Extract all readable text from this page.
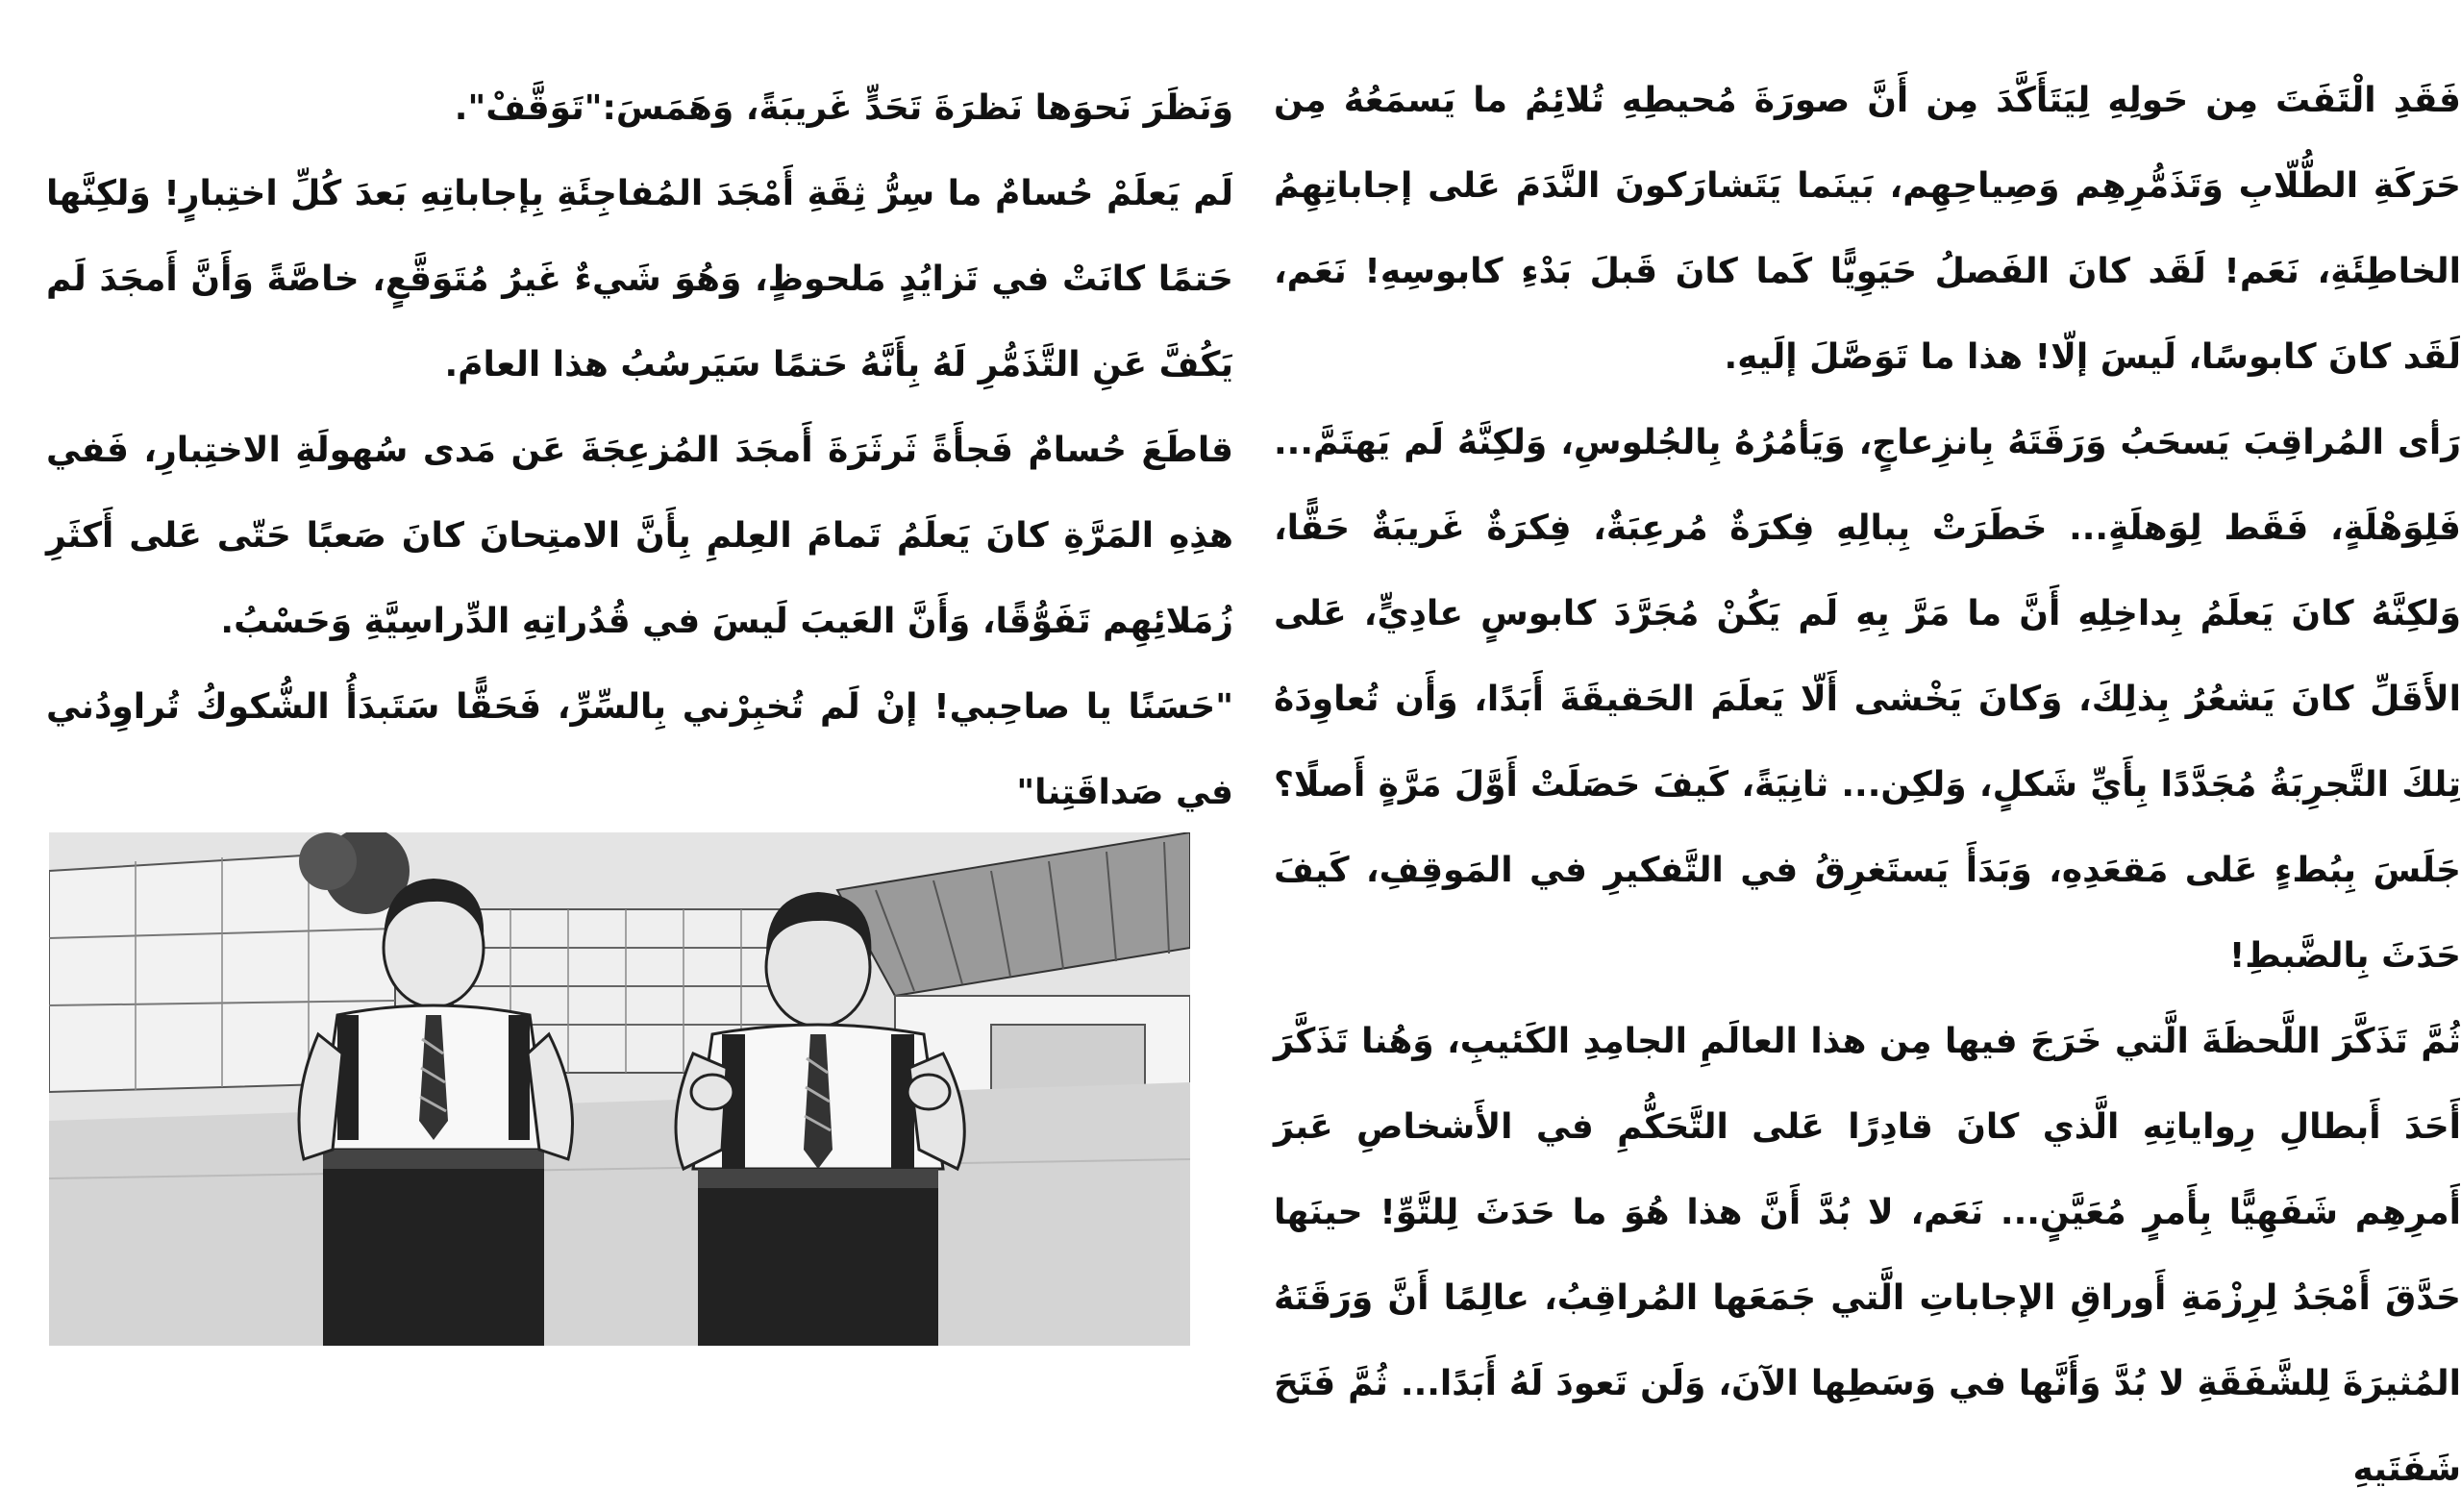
فَقَدِ الْتَفَتَ مِن حَولِهِ لِيَتَأَكَّدَ مِن أَنَّ صورَةَ مُحيطِهِ تُلائِمُ ما يَسمَعُهُ مِن حَرَكَةِ الطُّلّابِ وَتَذَمُّرِهِم وَصِياحِهِم، بَينَما يَتَشارَكونَ النَّدَمَ عَلى إجاباتِهِمُ الخاطِئَةِ، نَعَم! لَقَد كانَ الفَصلُ حَيَوِيًّا كَما كانَ قَبلَ بَدْءِ كابوسِهِ! نَعَم، لَقَد كانَ كابوسًا، لَيسَ إلّا! هذا ما تَوَصَّلَ إلَيهِ.

رَأى المُراقِبَ يَسحَبُ وَرَقَتَهُ بِانزِعاجٍ، وَيَأمُرُهُ بِالجُلوسِ، وَلكِنَّهُ لَم يَهتَمَّ... فَلِوَهْلَةٍ، فَقَط لِوَهلَةٍ... خَطَرَتْ بِبالِهِ فِكرَةٌ مُرعِبَةٌ، فِكرَةٌ غَريبَةٌ حَقًّا، وَلكِنَّهُ كانَ يَعلَمُ بِداخِلِهِ أَنَّ ما مَرَّ بِهِ لَم يَكُنْ مُجَرَّدَ كابوسٍ عادِيٍّ، عَلى الأَقَلِّ كانَ يَشعُرُ بِذلِكَ، وَكانَ يَخْشى أَلّا يَعلَمَ الحَقيقَةَ أَبَدًا، وَأَن تُعاوِدَهُ تِلكَ التَّجرِبَةُ مُجَدَّدًا بِأَيِّ شَكلٍ، وَلكِن... ثانِيَةً، كَيفَ حَصَلَتْ أَوَّلَ مَرَّةٍ أَصلًا؟ جَلَسَ بِبُطءٍ عَلى مَقعَدِهِ، وَبَدَأَ يَستَغرِقُ في التَّفكيرِ في المَوقِفِ، كَيفَ حَدَثَ بِالضَّبطِ!

ثُمَّ تَذَكَّرَ اللَّحظَةَ الَّتي خَرَجَ فيها مِن هذا العالَمِ الجامِدِ الكَئيبِ، وَهُنا تَذَكَّرَ أَحَدَ أَبطالِ رِواياتِهِ الَّذي كانَ قادِرًا عَلى التَّحَكُّمِ في الأَشخاصِ عَبرَ أَمرِهِم شَفَهِيًّا بِأَمرٍ مُعَيَّنٍ... نَعَم، لا بُدَّ أَنَّ هذا هُوَ ما حَدَثَ لِلتَّوِّ! حينَها حَدَّقَ أَمْجَدُ لِرِزْمَةِ أَوراقِ الإجاباتِ الَّتي جَمَعَها المُراقِبُ، عالِمًا أَنَّ وَرَقَتَهُ المُثيرَةَ لِلشَّفَقَةِ لا بُدَّ وَأَنَّها في وَسَطِها الآنَ، وَلَن تَعودَ لَهُ أَبَدًا... ثُمَّ فَتَحَ شَفَتَيهِ

وَنَظَرَ نَحوَها نَظرَةَ تَحَدٍّ غَريبَةً، وَهَمَسَ:"تَوَقَّفْ".

لَم يَعلَمْ حُسامٌ ما سِرُّ ثِقَةِ أَمْجَدَ المُفاجِئَةِ بِإجاباتِهِ بَعدَ كُلِّ اختِبارٍ! وَلكِنَّها حَتمًا كانَتْ في تَزايُدٍ مَلحوظٍ، وَهُوَ شَيءٌ غَيرُ مُتَوَقَّعٍ، خاصَّةً وَأَنَّ أَمجَدَ لَم يَكُفَّ عَنِ التَّذَمُّرِ لَهُ بِأَنَّهُ حَتمًا سَيَرسُبُ هذا العامَ.

قاطَعَ حُسامٌ فَجأَةً ثَرثَرَةَ أَمجَدَ المُزعِجَةَ عَن مَدى سُهولَةِ الاختِبارِ، فَفي هذِهِ المَرَّةِ كانَ يَعلَمُ تَمامَ العِلمِ بِأَنَّ الامتِحانَ كانَ صَعبًا حَتّى عَلى أَكثَرِ زُمَلائِهِم تَفَوُّقًا، وَأَنَّ العَيبَ لَيسَ في قُدُراتِهِ الدِّراسِيَّةِ وَحَسْبُ.

"حَسَنًا يا صاحِبي! إنْ لَم تُخبِرْني بِالسِّرِّ، فَحَقًّا سَتَبدَأُ الشُّكوكُ تُراوِدُني في صَداقَتِنا"
